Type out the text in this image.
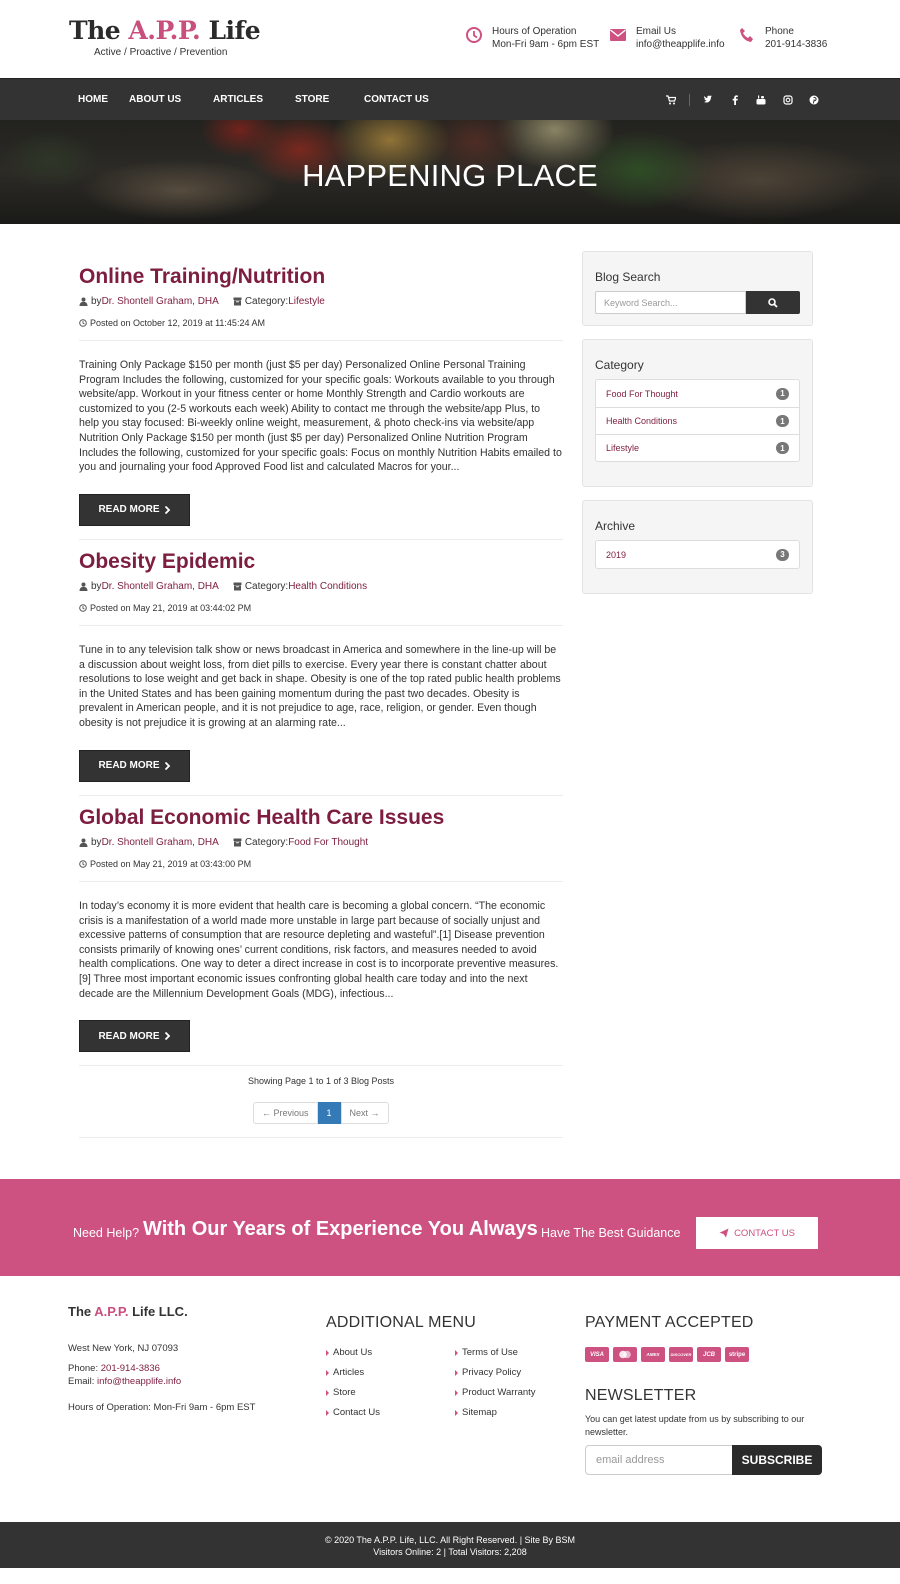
The A.P.P. Life
Active / Proactive / Prevention
Hours of Operation
Mon-Fri 9am - 6pm EST
Email Us
info@theapplife.info
Phone
201-914-3836
HOME ABOUT US	ARTICLES	STORE	CONTACT US
HAPPENING PLACE
Online Training/Nutrition
by Dr. Shontell Graham, DHA	Category: Lifestyle
Posted on October 12, 2019 at 11:45:24 AM
Training Only Package $150 per month (just $5 per day) Personalized Online Personal Training Program Includes the following, customized for your specific goals: Workouts available to you through website/app. Workout in your fitness center or home Monthly Strength and Cardio workouts are customized to you (2-5 workouts each week) Ability to contact me through the website/app Plus, to help you stay focused: Bi-weekly online weight, measurement, & photo check-ins via website/app Nutrition Only Package $150 per month (just $5 per day) Personalized Online Nutrition Program Includes the following, customized for your specific goals: Focus on monthly Nutrition Habits emailed to you and journaling your food Approved Food list and calculated Macros for your...
READ MORE
Obesity Epidemic
by Dr. Shontell Graham, DHA	Category: Health Conditions
Posted on May 21, 2019 at 03:44:02 PM
Tune in to any television talk show or news broadcast in America and somewhere in the line-up will be a discussion about weight loss, from diet pills to exercise. Every year there is constant chatter about resolutions to lose weight and get back in shape. Obesity is one of the top rated public health problems in the United States and has been gaining momentum during the past two decades. Obesity is prevalent in American people, and it is not prejudice to age, race, religion, or gender. Even though obesity is not prejudice it is growing at an alarming rate...
READ MORE
Global Economic Health Care Issues
by Dr. Shontell Graham, DHA	Category: Food For Thought
Posted on May 21, 2019 at 03:43:00 PM
In today’s economy it is more evident that health care is becoming a global concern. “The economic crisis is a manifestation of a world made more unstable in large part because of socially unjust and excessive patterns of consumption that are resource depleting and wasteful”.[1] Disease prevention consists primarily of knowing ones’ current conditions, risk factors, and measures needed to avoid health complications. One way to deter a direct increase in cost is to incorporate preventive measures. [9] Three most important economic issues confronting global health care today and into the next decade are the Millennium Development Goals (MDG), infectious...
READ MORE
Showing Page 1 to 1 of 3 Blog Posts
← Previous	1	Next →
Blog Search
Keyword Search...
Category
Food For Thought	1
Health Conditions	1
Lifestyle	1
Archive
2019	3
Need Help? With Our Years of Experience You Always Have The Best Guidance	CONTACT US
The A.P.P. Life LLC.
West New York, NJ 07093
Phone: 201-914-3836
Email: info@theapplife.info
Hours of Operation: Mon-Fri 9am - 6pm EST
ADDITIONAL MENU
About Us
Articles
Store
Contact Us
Terms of Use
Privacy Policy
Product Warranty
Sitemap
PAYMENT ACCEPTED
VISA	AMEX	DISCOVER	JCB	stripe
NEWSLETTER
You can get latest update from us by subscribing to our newsletter.
email address	SUBSCRIBE
© 2020 The A.P.P. Life, LLC. All Right Reserved. | Site By BSM
Visitors Online: 2 | Total Visitors: 2,208
